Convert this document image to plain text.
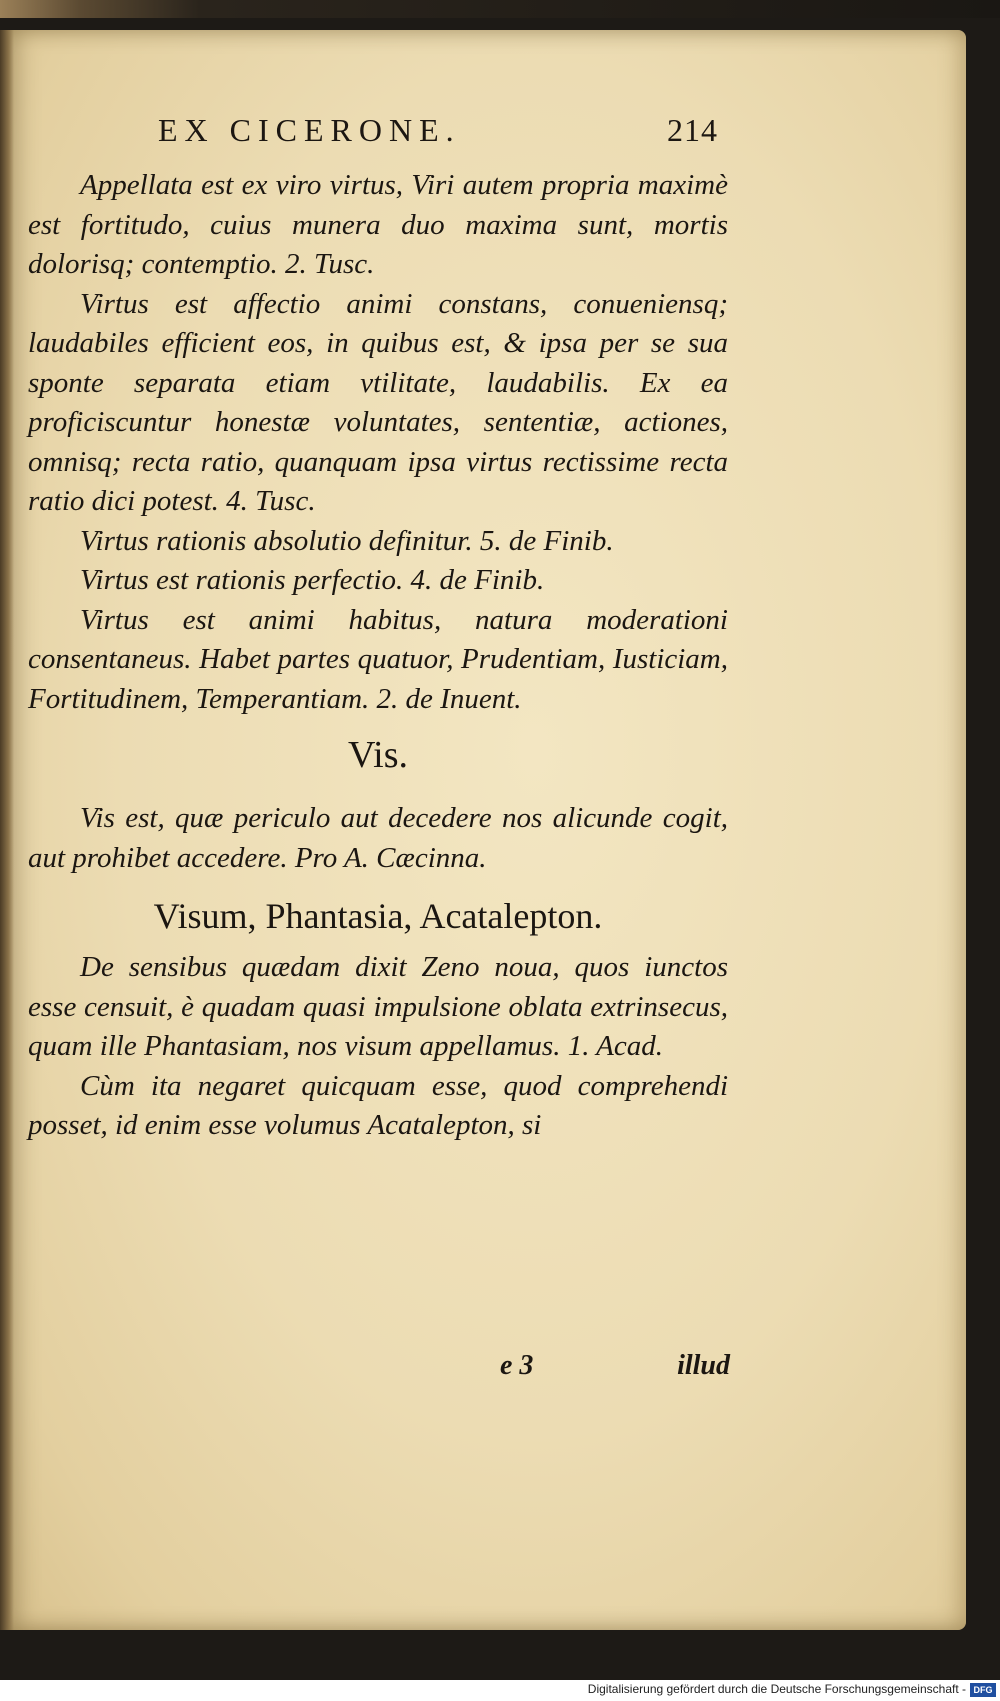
EX CICERONE.	214

Appellata est ex viro virtus, Viri autem propria maximè est fortitudo, cuius munera duo maxima sunt, mortis dolorisq; contemptio. 2. Tusc.

Virtus est affectio animi constans, conueniensq; laudabiles efficient eos, in quibus est, & ipsa per se sua sponte separata etiam vtilitate, laudabilis. Ex ea proficiscuntur honestæ voluntates, sententiæ, actiones, omnisq; recta ratio, quanquam ipsa virtus rectissime recta ratio dici potest. 4. Tusc.

Virtus rationis absolutio definitur. 5. de Finib.

Virtus est rationis perfectio. 4. de Finib.

Virtus est animi habitus, natura moderationi consentaneus. Habet partes quatuor, Prudentiam, Iusticiam, Fortitudinem, Temperantiam. 2. de Inuent.

Vis.

Vis est, quæ periculo aut decedere nos alicunde cogit, aut prohibet accedere. Pro A. Cæcinna.

Visum, Phantasia, Acatalepton.

De sensibus quædam dixit Zeno noua, quos iunctos esse censuit, è quadam quasi impulsione oblata extrinsecus, quam ille Phantasiam, nos visum appellamus. 1. Acad.

Cùm ita negaret quicquam esse, quod comprehendi posset, id enim esse volumus Acatalepton, si

e 3	illud
Digitalisierung gefördert durch die Deutsche Forschungsgemeinschaft - DFG
